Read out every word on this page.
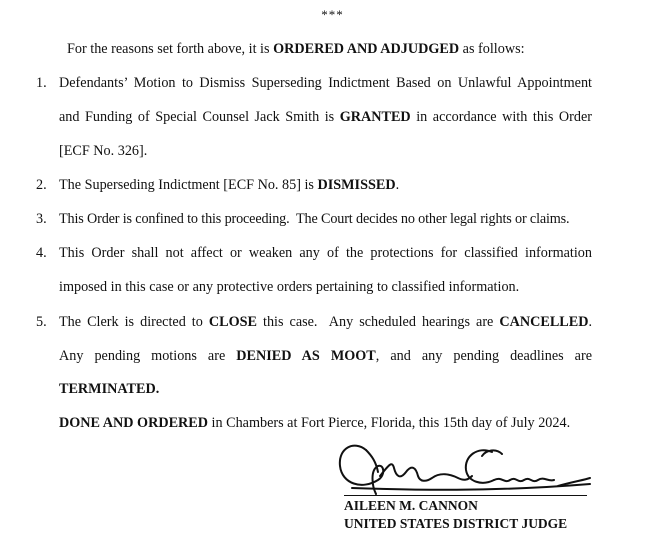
***
For the reasons set forth above, it is ORDERED AND ADJUDGED as follows:
1. Defendants’ Motion to Dismiss Superseding Indictment Based on Unlawful Appointment
and Funding of Special Counsel Jack Smith is GRANTED in accordance with this Order
[ECF No. 326].
2. The Superseding Indictment [ECF No. 85] is DISMISSED.
3. This Order is confined to this proceeding.  The Court decides no other legal rights or claims.
4. This Order shall not affect or weaken any of the protections for classified information
imposed in this case or any protective orders pertaining to classified information.
5. The Clerk is directed to CLOSE this case.  Any scheduled hearings are CANCELLED.
Any pending motions are DENIED AS MOOT, and any pending deadlines are
TERMINATED.
DONE AND ORDERED in Chambers at Fort Pierce, Florida, this 15th day of July 2024.
AILEEN M. CANNON
UNITED STATES DISTRICT JUDGE
